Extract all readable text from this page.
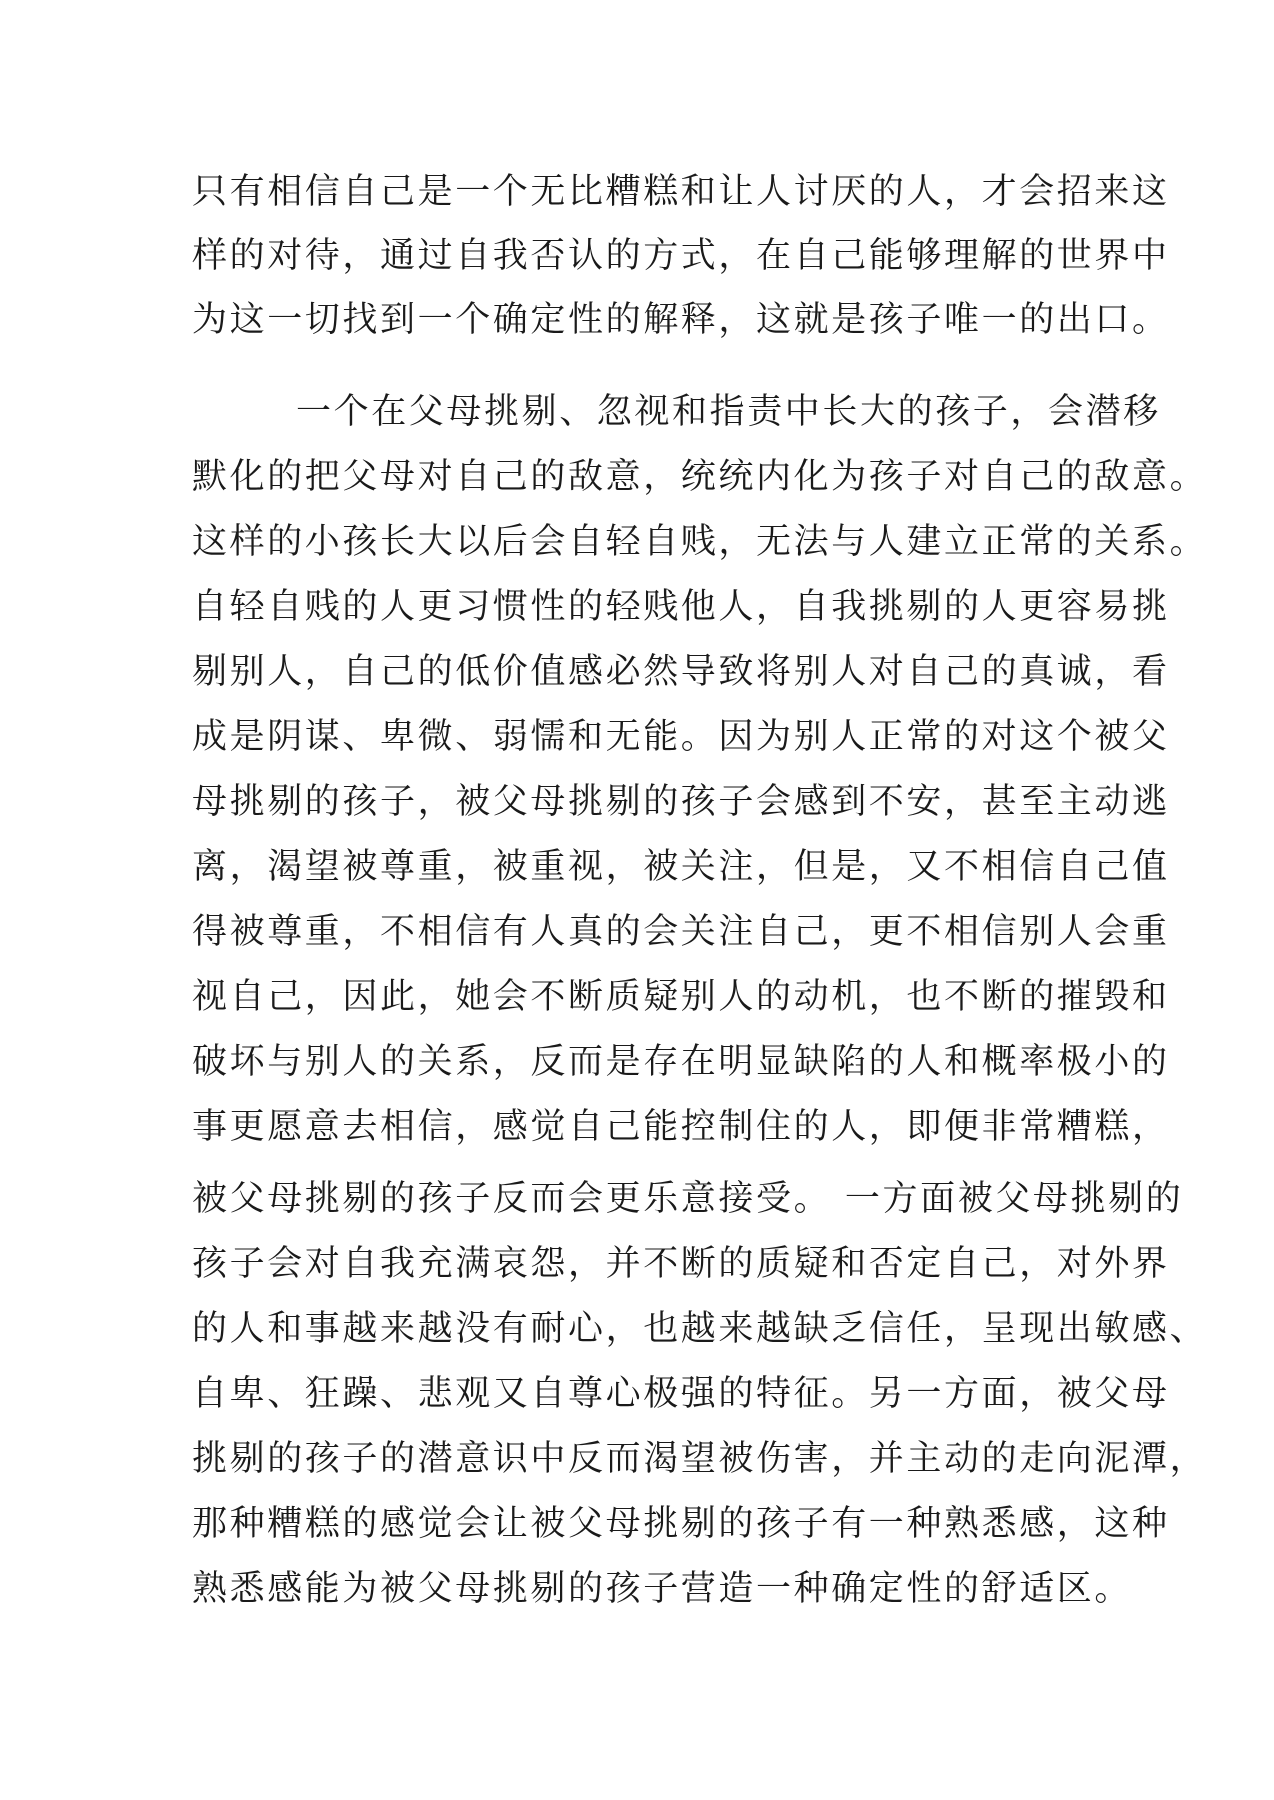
只有相信自己是一个无比糟糕和让人讨厌的人，才会招来这
样的对待，通过自我否认的方式，在自己能够理解的世界中
为这一切找到一个确定性的解释，这就是孩子唯一的出口。
一个在父母挑剔、忽视和指责中长大的孩子，会潜移
默化的把父母对自己的敌意，统统内化为孩子对自己的敌意。
这样的小孩长大以后会自轻自贱，无法与人建立正常的关系。
自轻自贱的人更习惯性的轻贱他人，自我挑剔的人更容易挑
剔别人，自己的低价值感必然导致将别人对自己的真诚，看
成是阴谋、卑微、弱懦和无能。因为别人正常的对这个被父
母挑剔的孩子，被父母挑剔的孩子会感到不安，甚至主动逃
离，渴望被尊重，被重视，被关注，但是，又不相信自己值
得被尊重，不相信有人真的会关注自己，更不相信别人会重
视自己，因此，她会不断质疑别人的动机，也不断的摧毁和
破坏与别人的关系，反而是存在明显缺陷的人和概率极小的
事更愿意去相信，感觉自己能控制住的人，即便非常糟糕，
被父母挑剔的孩子反而会更乐意接受。 一方面被父母挑剔的
孩子会对自我充满哀怨，并不断的质疑和否定自己，对外界
的人和事越来越没有耐心，也越来越缺乏信任，呈现出敏感、
自卑、狂躁、悲观又自尊心极强的特征。另一方面，被父母
挑剔的孩子的潜意识中反而渴望被伤害，并主动的走向泥潭，
那种糟糕的感觉会让被父母挑剔的孩子有一种熟悉感，这种
熟悉感能为被父母挑剔的孩子营造一种确定性的舒适区。
